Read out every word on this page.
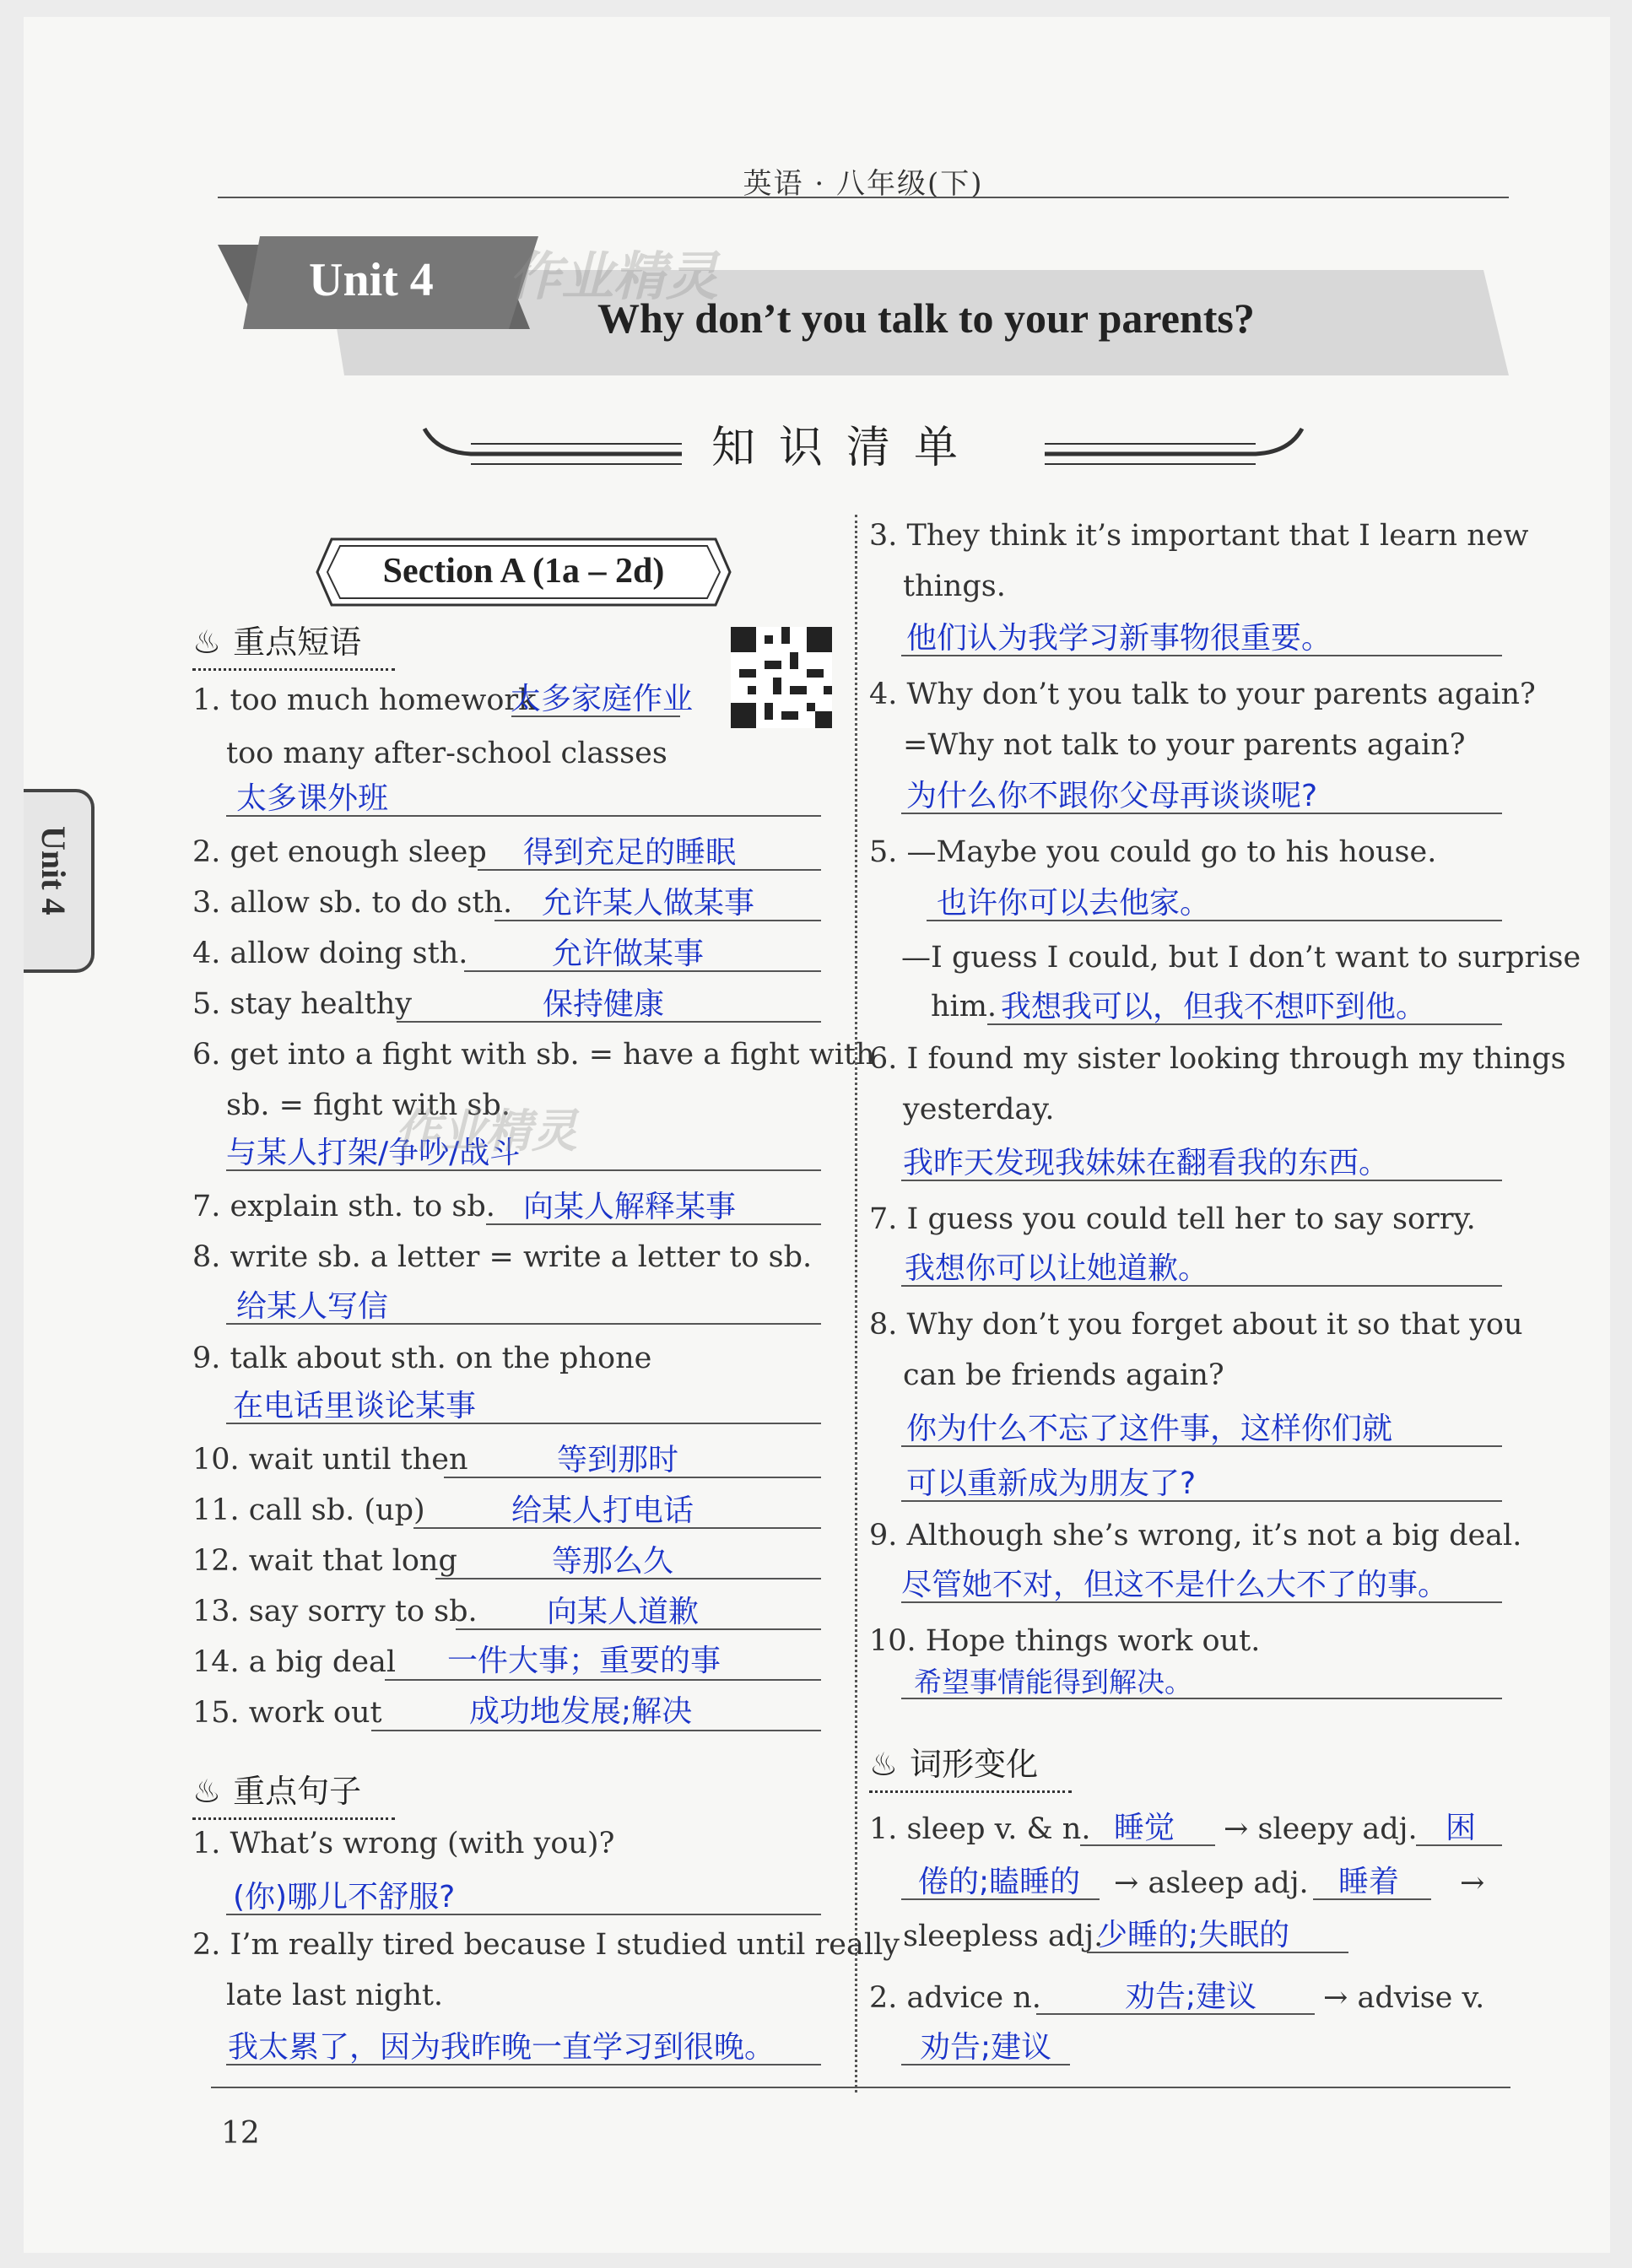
英语 · 八年级(下)
Unit 4
Why don’t you talk to your parents?
作业精灵
知识清单
Unit 4
Section A (1a – 2d)
♨ 重点短语
1. too much homework
太多家庭作业
too many after-school classes
太多课外班
2. get enough sleep 得到充足的睡眠
3. allow sb. to do sth. 允许某人做某事
4. allow doing sth.	允许做某事
5. stay healthy	保持健康
6. get into a fight with sb. = have a fight with
sb. = fight with sb.
与某人打架/争吵/战斗
作业精灵
7. explain sth. to sb. 向某人解释某事
8. write sb. a letter = write a letter to sb.
给某人写信
9. talk about sth. on the phone
在电话里谈论某事
10. wait until then	等到那时
11. call sb. (up)	给某人打电话
12. wait that long	等那么久
13. say sorry to sb. 向某人道歉
14. a big deal 一件大事；重要的事
15. work out	成功地发展;解决
♨ 重点句子
1. What’s wrong (with you)?
(你)哪儿不舒服?
2. I’m really tired because I studied until really
late last night.
我太累了，因为我昨晚一直学习到很晚。
3. They think it’s important that I learn new
things.
他们认为我学习新事物很重要。
4. Why don’t you talk to your parents again?
=Why not talk to your parents again?
为什么你不跟你父母再谈谈呢?
5. —Maybe you could go to his house.
也许你可以去他家。
—I guess I could, but I don’t want to surprise
him. 我想我可以，但我不想吓到他。
6. I found my sister looking through my things
yesterday.
我昨天发现我妹妹在翻看我的东西。
7. I guess you could tell her to say sorry.
我想你可以让她道歉。
8. Why don’t you forget about it so that you
can be friends again?
你为什么不忘了这件事，这样你们就
可以重新成为朋友了?
9. Although she’s wrong, it’s not a big deal.
尽管她不对，但这不是什么大不了的事。
10. Hope things work out.
希望事情能得到解决。
♨ 词形变化
1. sleep v. & n. 睡觉 → sleepy adj. 困
倦的;瞌睡的 → asleep adj. 睡着 →
sleepless adj.
少睡的;失眠的
2. advice n.	劝告;建议 → advise v.
劝告;建议
12
